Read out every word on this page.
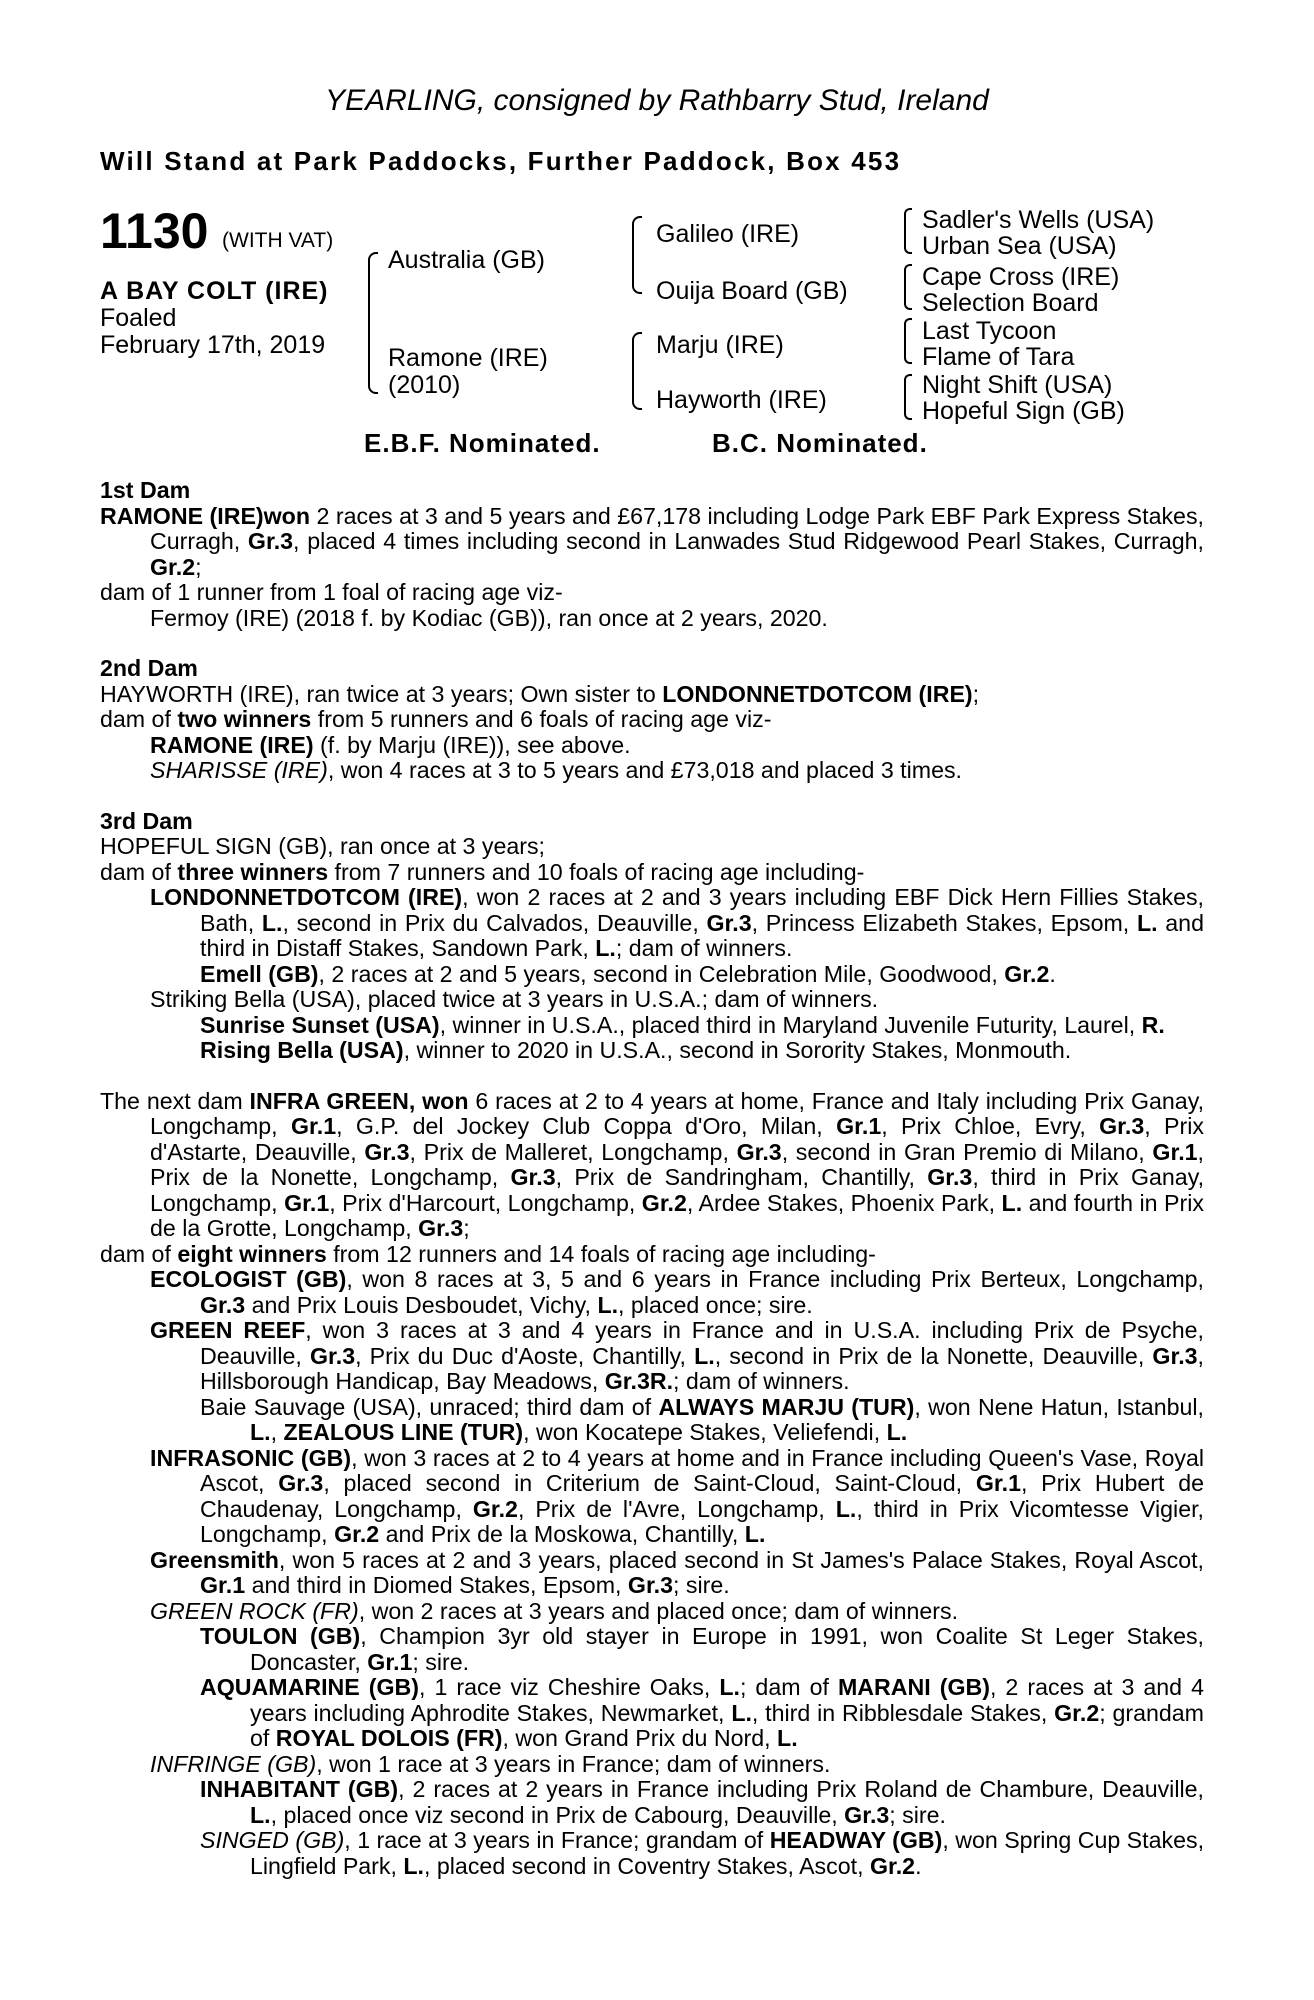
YEARLING, consigned by Rathbarry Stud, Ireland
Will Stand at Park Paddocks, Further Paddock, Box 453
1130 (WITH VAT)
A BAY COLT (IRE)
Foaled
February 17th, 2019
Australia (GB)
Ramone (IRE)
(2010)
Galileo (IRE)
Ouija Board (GB)
Marju (IRE)
Hayworth (IRE)
Sadler's Wells (USA)
Urban Sea (USA)
Cape Cross (IRE)
Selection Board
Last Tycoon
Flame of Tara
Night Shift (USA)
Hopeful Sign (GB)
E.B.F. Nominated.	B.C. Nominated.

1st Dam

RAMONE (IRE)won 2 races at 3 and 5 years and £67,178 including Lodge Park EBF Park Express Stakes, Curragh, Gr.3, placed 4 times including second in Lanwades Stud Ridgewood Pearl Stakes, Curragh, Gr.2;

dam of 1 runner from 1 foal of racing age viz-

Fermoy (IRE) (2018 f. by Kodiac (GB)), ran once at 2 years, 2020.

2nd Dam

HAYWORTH (IRE), ran twice at 3 years; Own sister to LONDONNETDOTCOM (IRE);

dam of two winners from 5 runners and 6 foals of racing age viz-

RAMONE (IRE) (f. by Marju (IRE)), see above.

SHARISSE (IRE), won 4 races at 3 to 5 years and £73,018 and placed 3 times.

3rd Dam

HOPEFUL SIGN (GB), ran once at 3 years;

dam of three winners from 7 runners and 10 foals of racing age including-

LONDONNETDOTCOM (IRE), won 2 races at 2 and 3 years including EBF Dick Hern Fillies Stakes, Bath, L., second in Prix du Calvados, Deauville, Gr.3, Princess Elizabeth Stakes, Epsom, L. and third in Distaff Stakes, Sandown Park, L.; dam of winners.

Emell (GB), 2 races at 2 and 5 years, second in Celebration Mile, Goodwood, Gr.2.

Striking Bella (USA), placed twice at 3 years in U.S.A.; dam of winners.

Sunrise Sunset (USA), winner in U.S.A., placed third in Maryland Juvenile Futurity, Laurel, R.

Rising Bella (USA), winner to 2020 in U.S.A., second in Sorority Stakes, Monmouth.

The next dam INFRA GREEN, won 6 races at 2 to 4 years at home, France and Italy including Prix Ganay, Longchamp, Gr.1, G.P. del Jockey Club Coppa d'Oro, Milan, Gr.1, Prix Chloe, Evry, Gr.3, Prix d'Astarte, Deauville, Gr.3, Prix de Malleret, Longchamp, Gr.3, second in Gran Premio di Milano, Gr.1, Prix de la Nonette, Longchamp, Gr.3, Prix de Sandringham, Chantilly, Gr.3, third in Prix Ganay, Longchamp, Gr.1, Prix d'Harcourt, Longchamp, Gr.2, Ardee Stakes, Phoenix Park, L. and fourth in Prix de la Grotte, Longchamp, Gr.3;

dam of eight winners from 12 runners and 14 foals of racing age including-

ECOLOGIST (GB), won 8 races at 3, 5 and 6 years in France including Prix Berteux, Longchamp, Gr.3 and Prix Louis Desboudet, Vichy, L., placed once; sire.

GREEN REEF, won 3 races at 3 and 4 years in France and in U.S.A. including Prix de Psyche, Deauville, Gr.3, Prix du Duc d'Aoste, Chantilly, L., second in Prix de la Nonette, Deauville, Gr.3, Hillsborough Handicap, Bay Meadows, Gr.3R.; dam of winners.

Baie Sauvage (USA), unraced; third dam of ALWAYS MARJU (TUR), won Nene Hatun, Istanbul, L., ZEALOUS LINE (TUR), won Kocatepe Stakes, Veliefendi, L.

INFRASONIC (GB), won 3 races at 2 to 4 years at home and in France including Queen's Vase, Royal Ascot, Gr.3, placed second in Criterium de Saint-Cloud, Saint-Cloud, Gr.1, Prix Hubert de Chaudenay, Longchamp, Gr.2, Prix de l'Avre, Longchamp, L., third in Prix Vicomtesse Vigier, Longchamp, Gr.2 and Prix de la Moskowa, Chantilly, L.

Greensmith, won 5 races at 2 and 3 years, placed second in St James's Palace Stakes, Royal Ascot, Gr.1 and third in Diomed Stakes, Epsom, Gr.3; sire.

GREEN ROCK (FR), won 2 races at 3 years and placed once; dam of winners.

TOULON (GB), Champion 3yr old stayer in Europe in 1991, won Coalite St Leger Stakes, Doncaster, Gr.1; sire.

AQUAMARINE (GB), 1 race viz Cheshire Oaks, L.; dam of MARANI (GB), 2 races at 3 and 4 years including Aphrodite Stakes, Newmarket, L., third in Ribblesdale Stakes, Gr.2; grandam of ROYAL DOLOIS (FR), won Grand Prix du Nord, L.

INFRINGE (GB), won 1 race at 3 years in France; dam of winners.

INHABITANT (GB), 2 races at 2 years in France including Prix Roland de Chambure, Deauville, L., placed once viz second in Prix de Cabourg, Deauville, Gr.3; sire.

SINGED (GB), 1 race at 3 years in France; grandam of HEADWAY (GB), won Spring Cup Stakes, Lingfield Park, L., placed second in Coventry Stakes, Ascot, Gr.2.
